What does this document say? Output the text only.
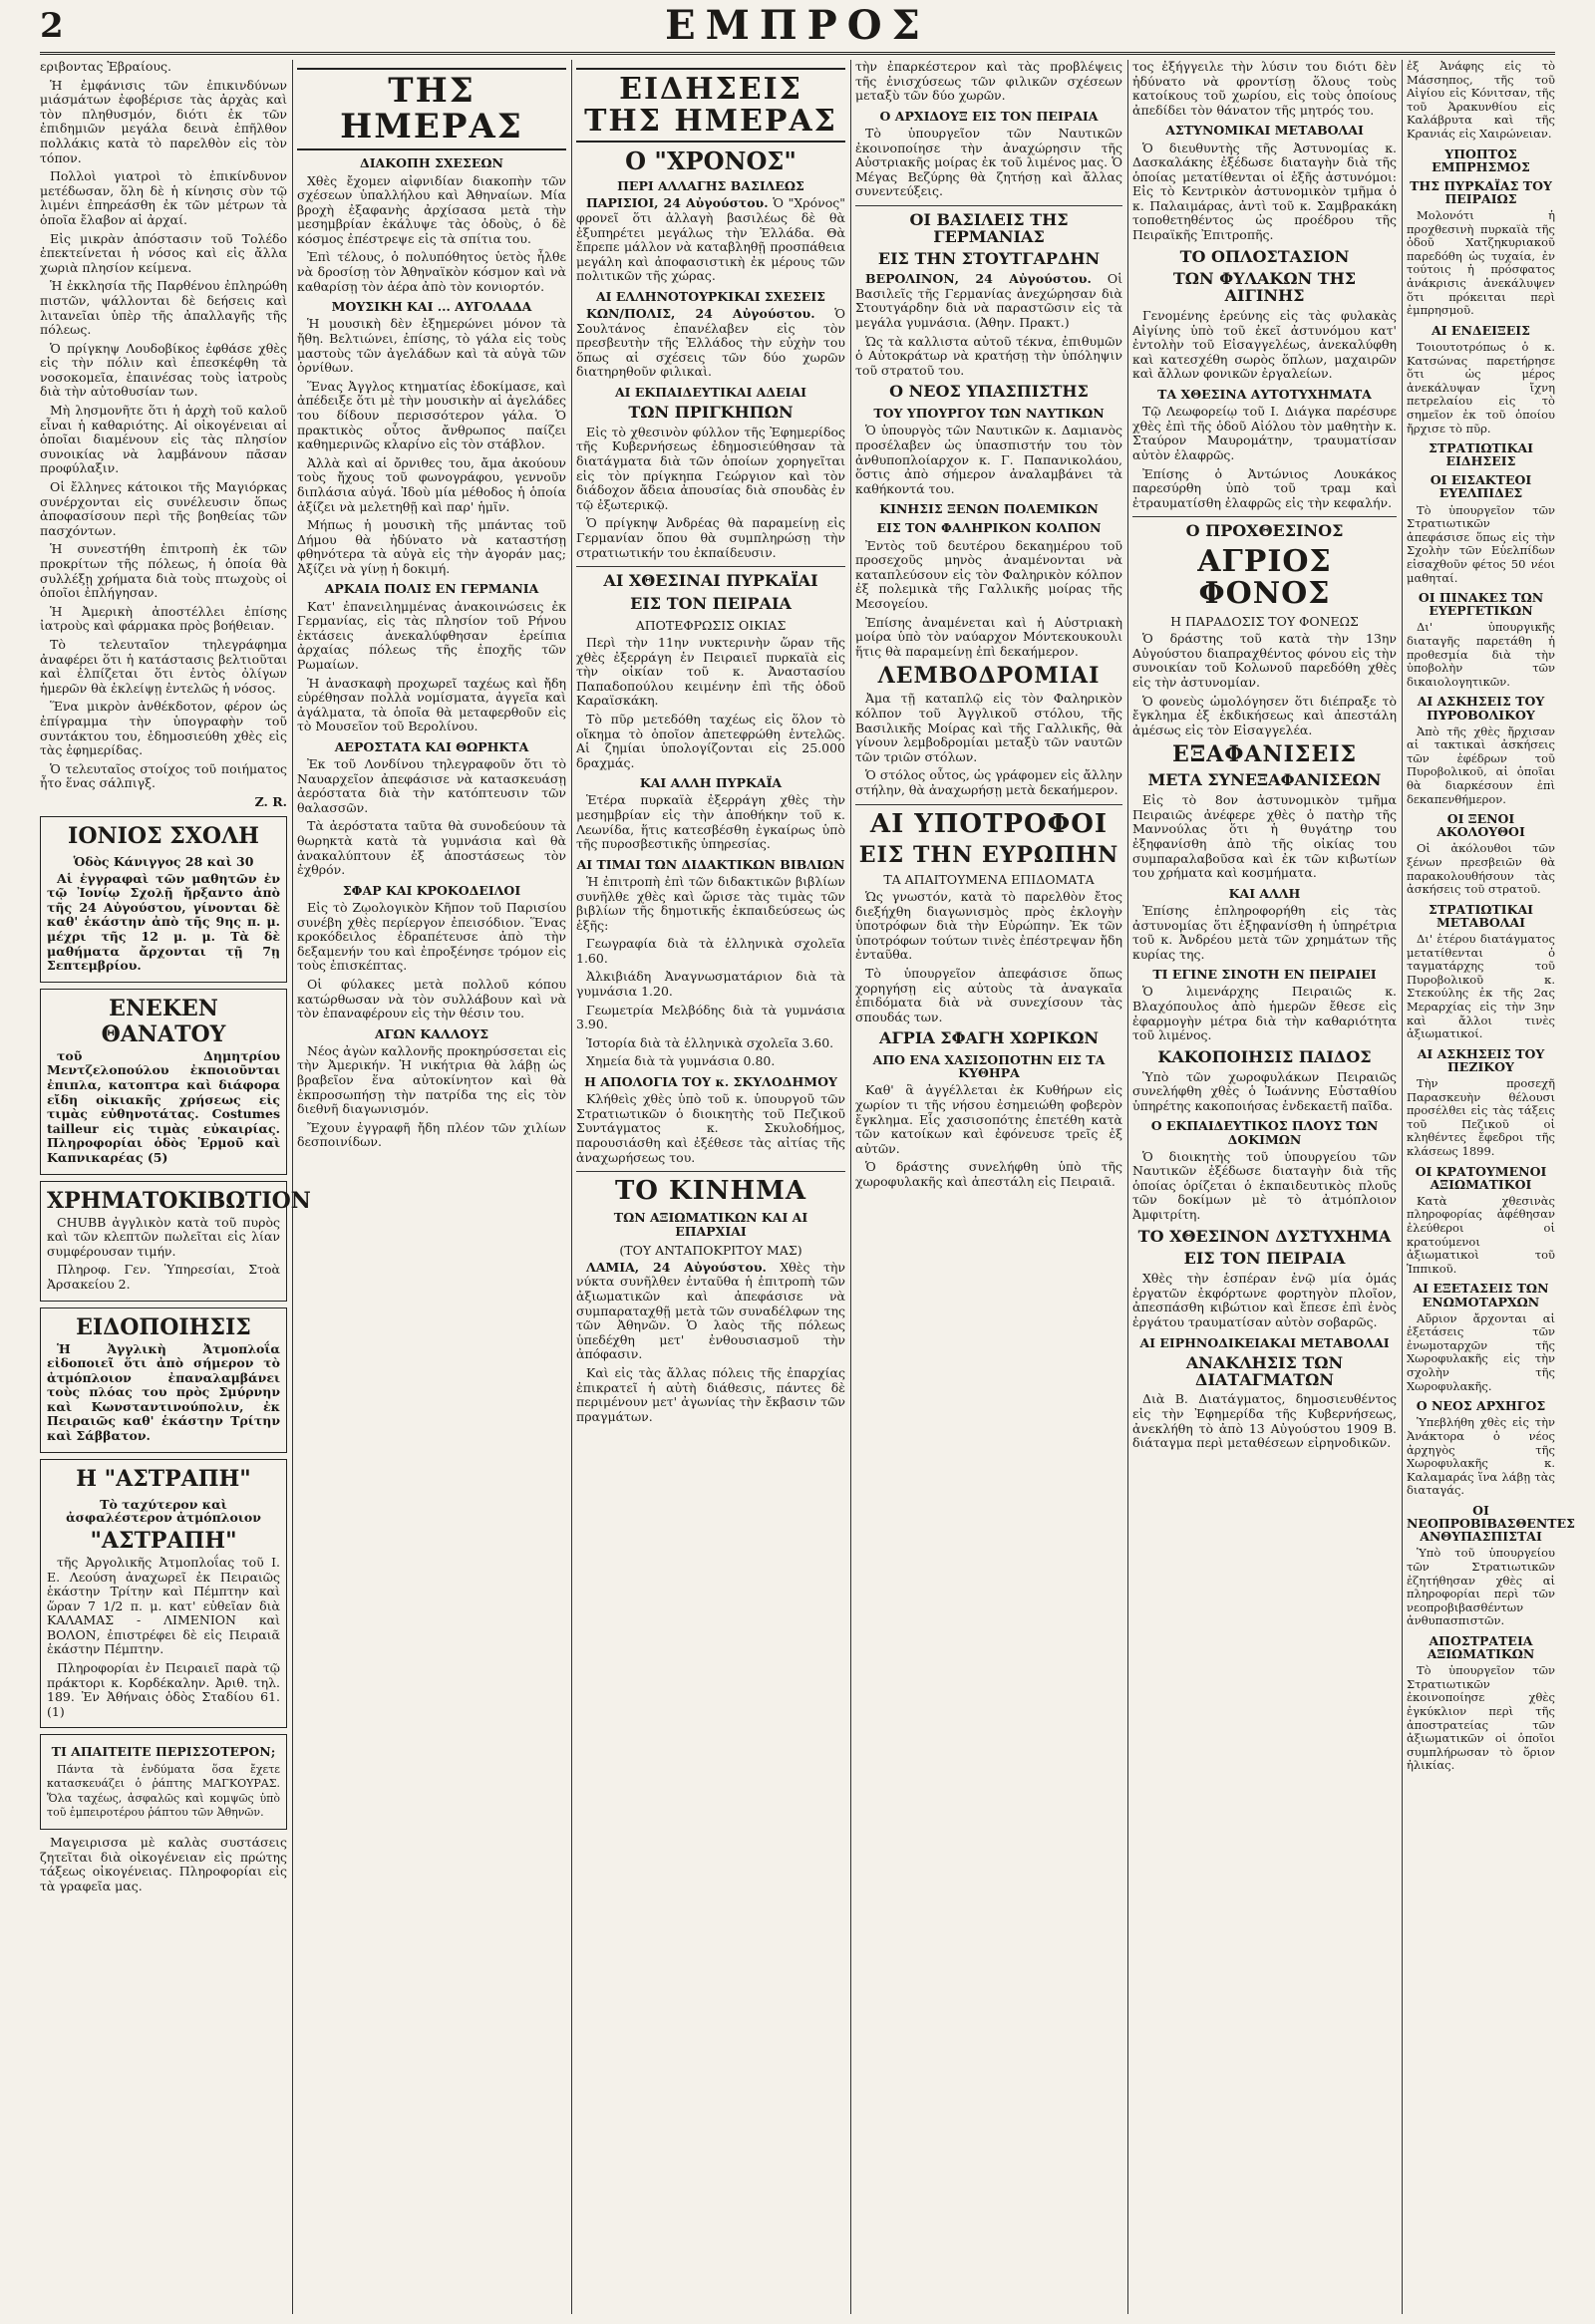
2	ΕΜΠΡΟΣ

εριβοντας Ἑβραίους.

Ἡ ἐμφάνισις τῶν ἐπικινδύνων μιάσμάτων ἐφοβέρισε τὰς ἀρχὰς καὶ τὸν πληθυσμόν, διότι ἐκ τῶν ἐπιδημιῶν μεγάλα δεινὰ ἐπῆλθον πολλάκις κατὰ τὸ παρελθὸν εἰς τὸν τόπον.

Πολλοὶ γιατροὶ τὸ ἐπικίνδυνον μετέδωσαν, ὅλη δὲ ἡ κίνησις σὺν τῷ λιμένι ἐπηρεάσθη ἐκ τῶν μέτρων τὰ ὁποῖα ἔλαβον αἱ ἀρχαί.

Εἰς μικρὰν ἀπόστασιν τοῦ Τολέδο ἐπεκτείνεται ἡ νόσος καὶ εἰς ἄλλα χωριὰ πλησίον κείμενα.

Ἡ ἐκκλησία τῆς Παρθένου ἐπληρώθη πιστῶν, ψάλλονται δὲ δεήσεις καὶ λιτανεῖαι ὑπὲρ τῆς ἀπαλλαγῆς τῆς πόλεως.

Ὁ πρίγκηψ Λουδοβίκος ἐφθάσε χθὲς εἰς τὴν πόλιν καὶ ἐπεσκέφθη τὰ νοσοκομεῖα, ἐπαινέσας τοὺς ἰατροὺς διὰ τὴν αὐτοθυσίαν των.

Μὴ λησμονῆτε ὅτι ἡ ἀρχὴ τοῦ καλοῦ εἶναι ἡ καθαριότης. Αἱ οἰκογένειαι αἱ ὁποῖαι διαμένουν εἰς τὰς πλησίον συνοικίας νὰ λαμβάνουν πᾶσαν προφύλαξιν.

Οἱ ἔλληνες κάτοικοι τῆς Μαγιόρκας συνέρχονται εἰς συνέλευσιν ὅπως ἀποφασίσουν περὶ τῆς βοηθείας τῶν πασχόντων.

Ἡ συνεστήθη ἐπιτροπὴ ἐκ τῶν προκρίτων τῆς πόλεως, ἡ ὁποία θὰ συλλέξῃ χρήματα διὰ τοὺς πτωχοὺς οἱ ὁποῖοι ἐπλήγησαν.

Ἡ Ἀμερικὴ ἀποστέλλει ἐπίσης ἰατροὺς καὶ φάρμακα πρὸς βοήθειαν.

Τὸ τελευταῖον τηλεγράφημα ἀναφέρει ὅτι ἡ κατάστασις βελτιοῦται καὶ ἐλπίζεται ὅτι ἐντὸς ὀλίγων ἡμερῶν θὰ ἐκλείψῃ ἐντελῶς ἡ νόσος.

Ἕνα μικρὸν ἀνθέκδοτον, φέρον ὡς ἐπίγραμμα τὴν ὑπογραφὴν τοῦ συντάκτου του, ἐδημοσιεύθη χθὲς εἰς τὰς ἐφημερίδας.

Ὁ τελευταῖος στοίχος τοῦ ποιήματος ἦτο ἕνας σάλπιγξ.

Z. R.

ΙΟΝΙΟΣ ΣΧΟΛΗ
Ὁδὸς Κάνιγγος 28 καὶ 30

Αἱ ἐγγραφαὶ τῶν μαθητῶν ἐν τῷ Ἰονίῳ Σχολῇ ἤρξαντο ἀπὸ τῆς 24 Αὐγούστου, γίνονται δὲ καθ' ἑκάστην ἀπὸ τῆς 9ης π. μ. μέχρι τῆς 12 μ. μ. Τὰ δὲ μαθήματα ἄρχονται τῇ 7ῃ Σεπτεμβρίου.

ΕΝΕΚΕΝ ΘΑΝΑΤΟΥ

τοῦ Δημητρίου Μεντζελοπούλου ἐκποιοῦνται ἐπιπλα, κατοπτρα καὶ διάφορα εἴδη οἰκιακῆς χρήσεως εἰς τιμὰς εὐθηνοτάτας. Costumes tailleur εἰς τιμὰς εὐκαιρίας. Πληροφορίαι ὁδὸς Ἑρμοῦ καὶ Καπνικαρέας (5)

ΧΡΗΜΑΤΟΚΙΒΩΤΙΟΝ

CHUBB ἀγγλικὸν κατὰ τοῦ πυρὸς καὶ τῶν κλεπτῶν πωλεῖται εἰς λίαν συμφέρουσαν τιμήν.

Πληροφ. Γεν. Ὑπηρεσίαι, Στοὰ Ἀρσακείου 2.

ΕΙΔΟΠΟΙΗΣΙΣ

Ἡ Ἀγγλικὴ Ἀτμοπλοΐα εἰδοποιεῖ ὅτι ἀπὸ σήμερον τὸ ἀτμόπλοιον ἐπαναλαμβάνει τοὺς πλόας του πρὸς Σμύρνην καὶ Κωνσταντινούπολιν, ἐκ Πειραιῶς καθ' ἑκάστην Τρίτην καὶ Σάββατον.

Η "ΑΣΤΡΑΠΗ"
Τὸ ταχύτερον καὶ ἀσφαλέστερον ἀτμόπλοιον
"ΑΣΤΡΑΠΗ"

τῆς Ἀργολικῆς Ἀτμοπλοΐας τοῦ Ι. Ε. Λεούση ἀναχωρεῖ ἐκ Πειραιῶς ἑκάστην Τρίτην καὶ Πέμπτην καὶ ὥραν 7 1/2 π. μ. κατ' εὐθεῖαν διὰ ΚΑΛΑΜΑΣ - ΛΙΜΕΝΙΟΝ καὶ ΒΟΛΟΝ, ἐπιστρέφει δὲ εἰς Πειραιᾶ ἑκάστην Πέμπτην.

Πληροφορίαι ἐν Πειραιεῖ παρὰ τῷ πράκτορι κ. Κορδέκαλην. Ἀριθ. τηλ. 189. Ἐν Ἀθήναις ὁδὸς Σταδίου 61. (1)

ΤΙ ΑΠΑΙΤΕΙΤΕ ΠΕΡΙΣΣΟΤΕΡΟΝ;

Πάντα τὰ ἐνδύματα ὅσα ἔχετε κατασκευάζει ὁ ῥάπτης ΜΑΓΚΟΥΡΑΣ. Ὅλα ταχέως, ἀσφαλῶς καὶ κομψῶς ὑπὸ τοῦ ἐμπειροτέρου ῥάπτου τῶν Ἀθηνῶν.

Μαγειρισσα μὲ καλὰς συστάσεις ζητεῖται διὰ οἰκογένειαν εἰς πρώτης τάξεως οἰκογένειας. Πληροφορίαι εἰς τὰ γραφεῖα μας.

ΤΗΣ ΗΜΕΡΑΣ
ΔΙΑΚΟΠΗ ΣΧΕΣΕΩΝ

Χθὲς ἔχομεν αἰφνιδίαν διακοπὴν τῶν σχέσεων ὑπαλλήλου καὶ Ἀθηναίων. Μία βροχὴ ἐξαφανὴς ἀρχίσασα μετὰ τὴν μεσημβρίαν ἐκάλυψε τὰς ὁδοὺς, ὁ δὲ κόσμος ἐπέστρεψε εἰς τὰ σπίτια του.

Ἐπὶ τέλους, ὁ πολυπόθητος ὑετὸς ἦλθε νὰ δροσίσῃ τὸν Ἀθηναϊκὸν κόσμον καὶ νὰ καθαρίσῃ τὸν ἀέρα ἀπὸ τὸν κονιορτόν.

ΜΟΥΣΙΚΗ ΚΑΙ ... ΑΥΓΟΛΑΔΑ

Ἡ μουσικὴ δὲν ἐξημερώνει μόνον τὰ ἤθη. Βελτιώνει, ἐπίσης, τὸ γάλα εἰς τοὺς μαστοὺς τῶν ἀγελάδων καὶ τὰ αὐγὰ τῶν ὀρνίθων.

Ἕνας Ἀγγλος κτηματίας ἐδοκίμασε, καὶ ἀπέδειξε ὅτι μὲ τὴν μουσικὴν αἱ ἀγελάδες του δίδουν περισσότερον γάλα. Ὁ πρακτικὸς οὗτος ἄνθρωπος παίζει καθημερινῶς κλαρίνο εἰς τὸν στάβλον.

Ἀλλὰ καὶ αἱ ὄρνιθες του, ἄμα ἀκούουν τοὺς ἤχους τοῦ φωνογράφου, γεννοῦν διπλάσια αὐγά. Ἰδοὺ μία μέθοδος ἡ ὁποία ἀξίζει νὰ μελετηθῇ καὶ παρ' ἡμῖν.

Μήπως ἡ μουσικὴ τῆς μπάντας τοῦ Δήμου θὰ ἠδύνατο νὰ καταστήσῃ φθηνότερα τὰ αὐγὰ εἰς τὴν ἀγοράν μας; Ἀξίζει νὰ γίνῃ ἡ δοκιμή.

ΑΡΚΑΙΑ ΠΟΛΙΣ ΕΝ ΓΕΡΜΑΝΙΑ

Κατ' ἐπανειλημμένας ἀνακοινώσεις ἐκ Γερμανίας, εἰς τὰς πλησίον τοῦ Ρήνου ἐκτάσεις ἀνεκαλύφθησαν ἐρείπια ἀρχαίας πόλεως τῆς ἐποχῆς τῶν Ρωμαίων.

Ἡ ἀνασκαφὴ προχωρεῖ ταχέως καὶ ἤδη εὑρέθησαν πολλὰ νομίσματα, ἀγγεῖα καὶ ἀγάλματα, τὰ ὁποῖα θὰ μεταφερθοῦν εἰς τὸ Μουσεῖον τοῦ Βερολίνου.

ΑΕΡΟΣΤΑΤΑ ΚΑΙ ΘΩΡΗΚΤΑ

Ἐκ τοῦ Λονδίνου τηλεγραφοῦν ὅτι τὸ Ναυαρχεῖον ἀπεφάσισε νὰ κατασκευάσῃ ἀερόστατα διὰ τὴν κατόπτευσιν τῶν θαλασσῶν.

Τὰ ἀερόστατα ταῦτα θὰ συνοδεύουν τὰ θωρηκτὰ κατὰ τὰ γυμνάσια καὶ θὰ ἀνακαλύπτουν ἐξ ἀποστάσεως τὸν ἐχθρόν.

ΣΦΑΡ ΚΑΙ ΚΡΟΚΟΔΕΙΛΟΙ

Εἰς τὸ Ζῳολογικὸν Κῆπον τοῦ Παρισίου συνέβη χθὲς περίεργον ἐπεισόδιον. Ἕνας κροκόδειλος ἐδραπέτευσε ἀπὸ τὴν δεξαμενήν του καὶ ἐπροξένησε τρόμον εἰς τοὺς ἐπισκέπτας.

Οἱ φύλακες μετὰ πολλοῦ κόπου κατώρθωσαν νὰ τὸν συλλάβουν καὶ νὰ τὸν ἐπαναφέρουν εἰς τὴν θέσιν του.

ΑΓΩΝ ΚΑΛΛΟΥΣ

Νέος ἀγὼν καλλονῆς προκηρύσσεται εἰς τὴν Ἀμερικήν. Ἡ νικήτρια θὰ λάβῃ ὡς βραβεῖον ἕνα αὐτοκίνητον καὶ θὰ ἐκπροσωπήσῃ τὴν πατρίδα της εἰς τὸν διεθνῆ διαγωνισμόν.

Ἔχουν ἐγγραφῆ ἤδη πλέον τῶν χιλίων δεσποινίδων.

ΕΙΔΗΣΕΙΣ ΤΗΣ ΗΜΕΡΑΣ
Ο "ΧΡΟΝΟΣ"
ΠΕΡΙ ΑΛΛΑΓΗΣ ΒΑΣΙΛΕΩΣ

ΠΑΡΙΣΙΟΙ, 24 Αὐγούστου. Ὁ "Χρόνος" φρονεῖ ὅτι ἀλλαγὴ βασιλέως δὲ θὰ ἐξυπηρέτει μεγάλως τὴν Ἑλλάδα. Θὰ ἔπρεπε μάλλον νὰ καταβληθῇ προσπάθεια μεγάλη καὶ ἀποφασιστικὴ ἐκ μέρους τῶν πολιτικῶν τῆς χώρας.

ΑΙ ΕΛΛΗΝΟΤΟΥΡΚΙΚΑΙ ΣΧΕΣΕΙΣ

ΚΩΝ/ΠΟΛΙΣ, 24 Αὐγούστου. Ὁ Σουλτάνος ἐπανέλαβεν εἰς τὸν πρεσβευτὴν τῆς Ἑλλάδος τὴν εὐχὴν του ὅπως αἱ σχέσεις τῶν δύο χωρῶν διατηρηθοῦν φιλικαὶ.

ΑΙ ΕΚΠΑΙΔΕΥΤΙΚΑΙ ΑΔΕΙΑΙ
ΤΩΝ ΠΡΙΓΚΗΠΩΝ

Εἰς τὸ χθεσινὸν φύλλον τῆς Ἐφημερίδος τῆς Κυβερνήσεως ἐδημοσιεύθησαν τὰ διατάγματα διὰ τῶν ὁποίων χορηγεῖται εἰς τὸν πρίγκηπα Γεώργιον καὶ τὸν διάδοχον ἄδεια ἀπουσίας διὰ σπουδὰς ἐν τῷ ἐξωτερικῷ.

Ὁ πρίγκηψ Ἀνδρέας θὰ παραμείνῃ εἰς Γερμανίαν ὅπου θὰ συμπληρώσῃ τὴν στρατιωτικήν του ἐκπαίδευσιν.

ΑΙ ΧΘΕΣΙΝΑΙ ΠΥΡΚΑΪΑΙ
ΕΙΣ ΤΟΝ ΠΕΙΡΑΙΑ
ΑΠΟΤΕΦΡΩΣΙΣ ΟΙΚΙΑΣ

Περὶ τὴν 11ην νυκτερινὴν ὥραν τῆς χθὲς ἐξερράγη ἐν Πειραιεῖ πυρκαϊὰ εἰς τὴν οἰκίαν τοῦ κ. Ἀναστασίου Παπαδοπούλου κειμένην ἐπὶ τῆς ὁδοῦ Καραϊσκάκη.

Τὸ πῦρ μετεδόθη ταχέως εἰς ὅλον τὸ οἴκημα τὸ ὁποῖον ἀπετεφρώθη ἐντελῶς. Αἱ ζημίαι ὑπολογίζονται εἰς 25.000 δραχμάς.

ΚΑΙ ΑΛΛΗ ΠΥΡΚΑΪΑ

Ἑτέρα πυρκαϊὰ ἐξερράγη χθὲς τὴν μεσημβρίαν εἰς τὴν ἀποθήκην τοῦ κ. Λεωνίδα, ἥτις κατεσβέσθη ἐγκαίρως ὑπὸ τῆς πυροσβεστικῆς ὑπηρεσίας.

ΑΙ ΤΙΜΑΙ ΤΩΝ ΔΙΔΑΚΤΙΚΩΝ ΒΙΒΛΙΩΝ

Ἡ ἐπιτροπὴ ἐπὶ τῶν διδακτικῶν βιβλίων συνῆλθε χθὲς καὶ ὥρισε τὰς τιμὰς τῶν βιβλίων τῆς δημοτικῆς ἐκπαιδεύσεως ὡς ἑξῆς:

Γεωγραφία διὰ τὰ ἑλληνικὰ σχολεῖα 1.60.

Ἀλκιβιάδη Ἀναγνωσματάριον διὰ τὰ γυμνάσια 1.20.

Γεωμετρία Μελβόδης διὰ τὰ γυμνάσια 3.90.

Ἱστορία διὰ τὰ ἑλληνικὰ σχολεῖα 3.60.

Χημεία διὰ τὰ γυμνάσια 0.80.

Η ΑΠΟΛΟΓΙΑ ΤΟΥ κ. ΣΚΥΛΟΔΗΜΟΥ

Κλήθεὶς χθὲς ὑπὸ τοῦ κ. ὑπουργοῦ τῶν Στρατιωτικῶν ὁ διοικητὴς τοῦ Πεζικοῦ Συντάγματος κ. Σκυλοδήμος, παρουσιάσθη καὶ ἐξέθεσε τὰς αἰτίας τῆς ἀναχωρήσεως του.

ΤΟ ΚΙΝΗΜΑ
ΤΩΝ ΑΞΙΩΜΑΤΙΚΩΝ ΚΑΙ ΑΙ ΕΠΑΡΧΙΑΙ
(ΤΟΥ ΑΝΤΑΠΟΚΡΙΤΟΥ ΜΑΣ)

ΛΑΜΙΑ, 24 Αὐγούστου. Χθὲς τὴν νύκτα συνῆλθεν ἐνταῦθα ἡ ἐπιτροπὴ τῶν ἀξιωματικῶν καὶ ἀπεφάσισε νὰ συμπαραταχθῇ μετὰ τῶν συναδέλφων της τῶν Ἀθηνῶν. Ὁ λαὸς τῆς πόλεως ὑπεδέχθη μετ' ἐνθουσιασμοῦ τὴν ἀπόφασιν.

Καὶ εἰς τὰς ἄλλας πόλεις τῆς ἐπαρχίας ἐπικρατεῖ ἡ αὐτὴ διάθεσις, πάντες δὲ περιμένουν μετ' ἀγωνίας τὴν ἔκβασιν τῶν πραγμάτων.

τὴν ἐπαρκέστερον καὶ τὰς προβλέψεις τῆς ἐνισχύσεως τῶν φιλικῶν σχέσεων μεταξὺ τῶν δύο χωρῶν.

Ο ΑΡΧΙΔΟΥΞ ΕΙΣ ΤΟΝ ΠΕΙΡΑΙΑ

Τὸ ὑπουργεῖον τῶν Ναυτικῶν ἐκοινοποίησε τὴν ἀναχώρησιν τῆς Αὐστριακῆς μοίρας ἐκ τοῦ λιμένος μας. Ὁ Μέγας Βεζύρης θὰ ζητήσῃ καὶ ἄλλας συνεντεύξεις.

ΟΙ ΒΑΣΙΛΕΙΣ ΤΗΣ ΓΕΡΜΑΝΙΑΣ
ΕΙΣ ΤΗΝ ΣΤΟΥΤΓΑΡΔΗΝ

ΒΕΡΟΛΙΝΟΝ, 24 Αὐγούστου. Οἱ Βασιλεῖς τῆς Γερμανίας ἀνεχώρησαν διὰ Στουτγάρδην διὰ νὰ παραστῶσιν εἰς τὰ μεγάλα γυμνάσια. (Ἀθην. Πρακτ.)

Ὡς τὰ καλλιστα αὐτοῦ τέκνα, ἐπιθυμῶν ὁ Αὐτοκράτωρ νὰ κρατήσῃ τὴν ὑπόληψιν τοῦ στρατοῦ του.

Ο ΝΕΟΣ ΥΠΑΣΠΙΣΤΗΣ
ΤΟΥ ΥΠΟΥΡΓΟΥ ΤΩΝ ΝΑΥΤΙΚΩΝ

Ὁ ὑπουργὸς τῶν Ναυτικῶν κ. Δαμιανὸς προσέλαβεν ὡς ὑπασπιστήν του τὸν ἀνθυποπλοίαρχον κ. Γ. Παπανικολάου, ὅστις ἀπὸ σήμερον ἀναλαμβάνει τὰ καθήκοντά του.

ΚΙΝΗΣΙΣ ΞΕΝΩΝ ΠΟΛΕΜΙΚΩΝ
ΕΙΣ ΤΟΝ ΦΑΛΗΡΙΚΟΝ ΚΟΛΠΟΝ

Ἐντὸς τοῦ δευτέρου δεκαημέρου τοῦ προσεχοῦς μηνὸς ἀναμένονται νὰ καταπλεύσουν εἰς τὸν Φαληρικὸν κόλπον ἐξ πολεμικὰ τῆς Γαλλικῆς μοίρας τῆς Μεσογείου.

Ἐπίσης ἀναμένεται καὶ ἡ Αὐστριακὴ μοίρα ὑπὸ τὸν ναύαρχον Μόντεκουκουλι ἥτις θὰ παραμείνῃ ἐπὶ δεκαήμερον.

ΛΕΜΒΟΔΡΟΜΙΑΙ

Ἀμα τῇ καταπλῷ εἰς τὸν Φαληρικὸν κόλπον τοῦ Ἀγγλικοῦ στόλου, τῆς Βασιλικῆς Μοίρας καὶ τῆς Γαλλικῆς, θὰ γίνουν λεμβοδρομίαι μεταξὺ τῶν ναυτῶν τῶν τριῶν στόλων.

Ὁ στόλος οὗτος, ὡς γράφομεν εἰς ἄλλην στήλην, θὰ ἀναχωρήσῃ μετὰ δεκαήμερον.

ΑΙ ΥΠΟΤΡΟΦΟΙ
ΕΙΣ ΤΗΝ ΕΥΡΩΠΗΝ
ΤΑ ΑΠΑΙΤΟΥΜΕΝΑ ΕΠΙΔΟΜΑΤΑ

Ὡς γνωστόν, κατὰ τὸ παρελθὸν ἔτος διεξήχθη διαγωνισμὸς πρὸς ἐκλογὴν ὑποτρόφων διὰ τὴν Εὐρώπην. Ἐκ τῶν ὑποτρόφων τούτων τινὲς ἐπέστρεψαν ἤδη ἐνταῦθα.

Τὸ ὑπουργεῖον ἀπεφάσισε ὅπως χορηγήσῃ εἰς αὐτοὺς τὰ ἀναγκαῖα ἐπιδόματα διὰ νὰ συνεχίσουν τὰς σπουδάς των.

ΑΓΡΙΑ ΣΦΑΓΗ ΧΩΡΙΚΩΝ
ΑΠΟ ΕΝΑ ΧΑΣΙΣΟΠΟΤΗΝ ΕΙΣ ΤΑ ΚΥΘΗΡΑ

Καθ' ἃ ἀγγέλλεται ἐκ Κυθήρων εἰς χωρίον τι τῆς νήσου ἐσημειώθη φοβερὸν ἔγκλημα. Εἷς χασισοπότης ἐπετέθη κατὰ τῶν κατοίκων καὶ ἐφόνευσε τρεῖς ἐξ αὐτῶν.

Ὁ δράστης συνελήφθη ὑπὸ τῆς χωροφυλακῆς καὶ ἀπεστάλη εἰς Πειραιᾶ.

τος ἐξήγγειλε τὴν λύσιν του διότι δὲν ἠδύνατο νὰ φροντίσῃ ὅλους τοὺς κατοίκους τοῦ χωρίου, εἰς τοὺς ὁποίους ἀπεδίδει τὸν θάνατον τῆς μητρός του.

ΑΣΤΥΝΟΜΙΚΑΙ ΜΕΤΑΒΟΛΑΙ

Ὁ διευθυντὴς τῆς Ἀστυνομίας κ. Δασκαλάκης ἐξέδωσε διαταγὴν διὰ τῆς ὁποίας μετατίθενται οἱ ἑξῆς ἀστυνόμοι: Εἰς τὸ Κεντρικὸν ἀστυνομικὸν τμῆμα ὁ κ. Παλαιμάρας, ἀντὶ τοῦ κ. Σαμβρακάκη τοποθετηθέντος ὡς προέδρου τῆς Πειραϊκῆς Ἐπιτροπῆς.

ΤΟ ΟΠΛΟΣΤΑΣΙΟΝ
ΤΩΝ ΦΥΛΑΚΩΝ ΤΗΣ ΑΙΓΙΝΗΣ

Γενομένης ἐρεύνης εἰς τὰς φυλακὰς Αἰγίνης ὑπὸ τοῦ ἐκεῖ ἀστυνόμου κατ' ἐντολὴν τοῦ Εἰσαγγελέως, ἀνεκαλύφθη καὶ κατεσχέθη σωρὸς ὅπλων, μαχαιρῶν καὶ ἄλλων φονικῶν ἐργαλείων.

ΤΑ ΧΘΕΣΙΝΑ ΑΥΤΟΤΥΧΗΜΑΤΑ

Τῷ Λεωφορείῳ τοῦ Ι. Διάγκα παρέσυρε χθὲς ἐπὶ τῆς ὁδοῦ Αἰόλου τὸν μαθητὴν κ. Σταύρον Μαυρομάτην, τραυματίσαν αὐτὸν ἐλαφρῶς.

Ἐπίσης ὁ Ἀντώνιος Λουκάκος παρεσύρθη ὑπὸ τοῦ τραμ καὶ ἐτραυματίσθη ἐλαφρῶς εἰς τὴν κεφαλήν.

Ο ΠΡΟΧΘΕΣΙΝΟΣ
ΑΓΡΙΟΣ ΦΟΝΟΣ
Η ΠΑΡΑΔΟΣΙΣ ΤΟΥ ΦΟΝΕΩΣ

Ὁ δράστης τοῦ κατὰ τὴν 13ην Αὐγούστου διαπραχθέντος φόνου εἰς τὴν συνοικίαν τοῦ Κολωνοῦ παρεδόθη χθὲς εἰς τὴν ἀστυνομίαν.

Ὁ φονεὺς ὡμολόγησεν ὅτι διέπραξε τὸ ἔγκλημα ἐξ ἐκδικήσεως καὶ ἀπεστάλη ἀμέσως εἰς τὸν Εἰσαγγελέα.

ΕΞΑΦΑΝΙΣΕΙΣ
ΜΕΤΑ ΣΥΝΕΞΑΦΑΝΙΣΕΩΝ

Εἰς τὸ 8ον ἀστυνομικὸν τμῆμα Πειραιῶς ἀνέφερε χθὲς ὁ πατὴρ τῆς Μαννούλας ὅτι ἡ θυγάτηρ του ἐξηφανίσθη ἀπὸ τῆς οἰκίας του συμπαραλαβοῦσα καὶ ἐκ τῶν κιβωτίων του χρήματα καὶ κοσμήματα.

ΚΑΙ ΑΛΛΗ

Ἐπίσης ἐπληροφορήθη εἰς τὰς ἀστυνομίας ὅτι ἐξηφανίσθη ἡ ὑπηρέτρια τοῦ κ. Ἀνδρέου μετὰ τῶν χρημάτων τῆς κυρίας της.

ΤΙ ΕΓΙΝΕ ΣΙΝΟΤΗ ΕΝ ΠΕΙΡΑΙΕΙ

Ὁ λιμενάρχης Πειραιῶς κ. Βλαχόπουλος ἀπὸ ἡμερῶν ἔθεσε εἰς ἐφαρμογὴν μέτρα διὰ τὴν καθαριότητα τοῦ λιμένος.

ΚΑΚΟΠΟΙΗΣΙΣ ΠΑΙΔΟΣ

Ὑπὸ τῶν χωροφυλάκων Πειραιῶς συνελήφθη χθὲς ὁ Ἰωάννης Εὐσταθίου ὑπηρέτης κακοποιήσας ἑνδεκαετῆ παῖδα.

Ο ΕΚΠΑΙΔΕΥΤΙΚΟΣ ΠΛΟΥΣ ΤΩΝ ΔΟΚΙΜΩΝ

Ὁ διοικητὴς τοῦ ὑπουργείου τῶν Ναυτικῶν ἐξέδωσε διαταγὴν διὰ τῆς ὁποίας ὁρίζεται ὁ ἐκπαιδευτικὸς πλοῦς τῶν δοκίμων μὲ τὸ ἀτμόπλοιον Ἀμφιτρίτη.

ΤΟ ΧΘΕΣΙΝΟΝ ΔΥΣΤΥΧΗΜΑ
ΕΙΣ ΤΟΝ ΠΕΙΡΑΙΑ

Χθὲς τὴν ἑσπέραν ἐνῷ μία ὁμάς ἐργατῶν ἐκφόρτωνε φορτηγὸν πλοῖον, ἀπεσπάσθη κιβώτιον καὶ ἔπεσε ἐπὶ ἑνὸς ἐργάτου τραυματίσαν αὐτὸν σοβαρῶς.

ΑΙ ΕΙΡΗΝΟΔΙΚΕΙΑΚΑΙ ΜΕΤΑΒΟΛΑΙ
ΑΝΑΚΛΗΣΙΣ ΤΩΝ ΔΙΑΤΑΓΜΑΤΩΝ

Διὰ Β. Διατάγματος, δημοσιευθέντος εἰς τὴν Ἐφημερίδα τῆς Κυβερνήσεως, ἀνεκλήθη τὸ ἀπὸ 13 Αὐγούστου 1909 Β. διάταγμα περὶ μεταθέσεων εἰρηνοδικῶν.

ἐξ Ἀνάφης εἰς τὸ Μάσσηπος, τῆς τοῦ Αἰγίου εἰς Κόνιτσαν, τῆς τοῦ Ἀρακυνθίου εἰς Καλάβρυτα καὶ τῆς Κρανιάς εἰς Χαιρώνειαν.

ΥΠΟΠΤΟΣ ΕΜΠΡΗΣΜΟΣ
ΤΗΣ ΠΥΡΚΑΪΑΣ ΤΟΥ ΠΕΙΡΑΙΩΣ

Μολονότι ἡ προχθεσινὴ πυρκαϊὰ τῆς ὁδοῦ Χατζηκυριακοῦ παρεδόθη ὡς τυχαία, ἐν τούτοις ἡ πρόσφατος ἀνάκρισις ἀνεκάλυψεν ὅτι πρόκειται περὶ ἐμπρησμοῦ.

ΑΙ ΕΝΔΕΙΞΕΙΣ

Τοιουτοτρόπως ὁ κ. Κατσώνας παρετήρησε ὅτι ὡς μέρος ἀνεκάλυψαν ἴχνη πετρελαίου εἰς τὸ σημεῖον ἐκ τοῦ ὁποίου ἤρχισε τὸ πῦρ.

ΣΤΡΑΤΙΩΤΙΚΑΙ ΕΙΔΗΣΕΙΣ
ΟΙ ΕΙΣΑΚΤΕΟΙ ΕΥΕΛΠΙΔΕΣ

Τὸ ὑπουργεῖον τῶν Στρατιωτικῶν ἀπεφάσισε ὅπως εἰς τὴν Σχολὴν τῶν Εὐελπίδων εἰσαχθοῦν φέτος 50 νέοι μαθηταί.

ΟΙ ΠΙΝΑΚΕΣ ΤΩΝ ΕΥΕΡΓΕΤΙΚΩΝ

Δι' ὑπουργικῆς διαταγῆς παρετάθη ἡ προθεσμία διὰ τὴν ὑποβολὴν τῶν δικαιολογητικῶν.

ΑΙ ΑΣΚΗΣΕΙΣ ΤΟΥ ΠΥΡΟΒΟΛΙΚΟΥ

Ἀπὸ τῆς χθὲς ἤρχισαν αἱ τακτικαὶ ἀσκήσεις τῶν ἐφέδρων τοῦ Πυροβολικοῦ, αἱ ὁποῖαι θὰ διαρκέσουν ἐπὶ δεκαπενθήμερον.

ΟΙ ΞΕΝΟΙ ΑΚΟΛΟΥΘΟΙ

Οἱ ἀκόλουθοι τῶν ξένων πρεσβειῶν θὰ παρακολουθήσουν τὰς ἀσκήσεις τοῦ στρατοῦ.

ΣΤΡΑΤΙΩΤΙΚΑΙ ΜΕΤΑΒΟΛΑΙ

Δι' ἑτέρου διατάγματος μετατίθενται ὁ ταγματάρχης τοῦ Πυροβολικοῦ κ. Στεκούλης ἐκ τῆς 2ας Μεραρχίας εἰς τὴν 3ην καὶ ἄλλοι τινὲς ἀξιωματικοί.

ΑΙ ΑΣΚΗΣΕΙΣ ΤΟΥ ΠΕΖΙΚΟΥ

Τὴν προσεχῆ Παρασκευὴν θέλουσι προσέλθει εἰς τὰς τάξεις τοῦ Πεζικοῦ οἱ κληθέντες ἔφεδροι τῆς κλάσεως 1899.

ΟΙ ΚΡΑΤΟΥΜΕΝΟΙ ΑΞΙΩΜΑΤΙΚΟΙ

Κατὰ χθεσινὰς πληροφορίας ἀφέθησαν ἐλεύθεροι οἱ κρατούμενοι ἀξιωματικοὶ τοῦ Ἱππικοῦ.

ΑΙ ΕΞΕΤΑΣΕΙΣ ΤΩΝ ΕΝΩΜΟΤΑΡΧΩΝ

Αὔριον ἄρχονται αἱ ἐξετάσεις τῶν ἐνωμοταρχῶν τῆς Χωροφυλακῆς εἰς τὴν σχολὴν τῆς Χωροφυλακῆς.

Ο ΝΕΟΣ ΑΡΧΗΓΟΣ

Ὑπεβλήθη χθὲς εἰς τὴν Ἀνάκτορα ὁ νέος ἀρχηγὸς τῆς Χωροφυλακῆς κ. Καλαμαράς ἵνα λάβῃ τὰς διαταγάς.

ΟΙ ΝΕΟΠΡΟΒΙΒΑΣΘΕΝΤΕΣ ΑΝΘΥΠΑΣΠΙΣΤΑΙ

Ὑπὸ τοῦ ὑπουργείου τῶν Στρατιωτικῶν ἐζητήθησαν χθὲς αἱ πληροφορίαι περὶ τῶν νεοπροβιβασθέντων ἀνθυπασπιστῶν.

ΑΠΟΣΤΡΑΤΕΙΑ ΑΞΙΩΜΑΤΙΚΩΝ

Τὸ ὑπουργεῖον τῶν Στρατιωτικῶν ἐκοινοποίησε χθὲς ἐγκύκλιον περὶ τῆς ἀποστρατείας τῶν ἀξιωματικῶν οἱ ὁποῖοι συμπλήρωσαν τὸ ὅριον ἡλικίας.
